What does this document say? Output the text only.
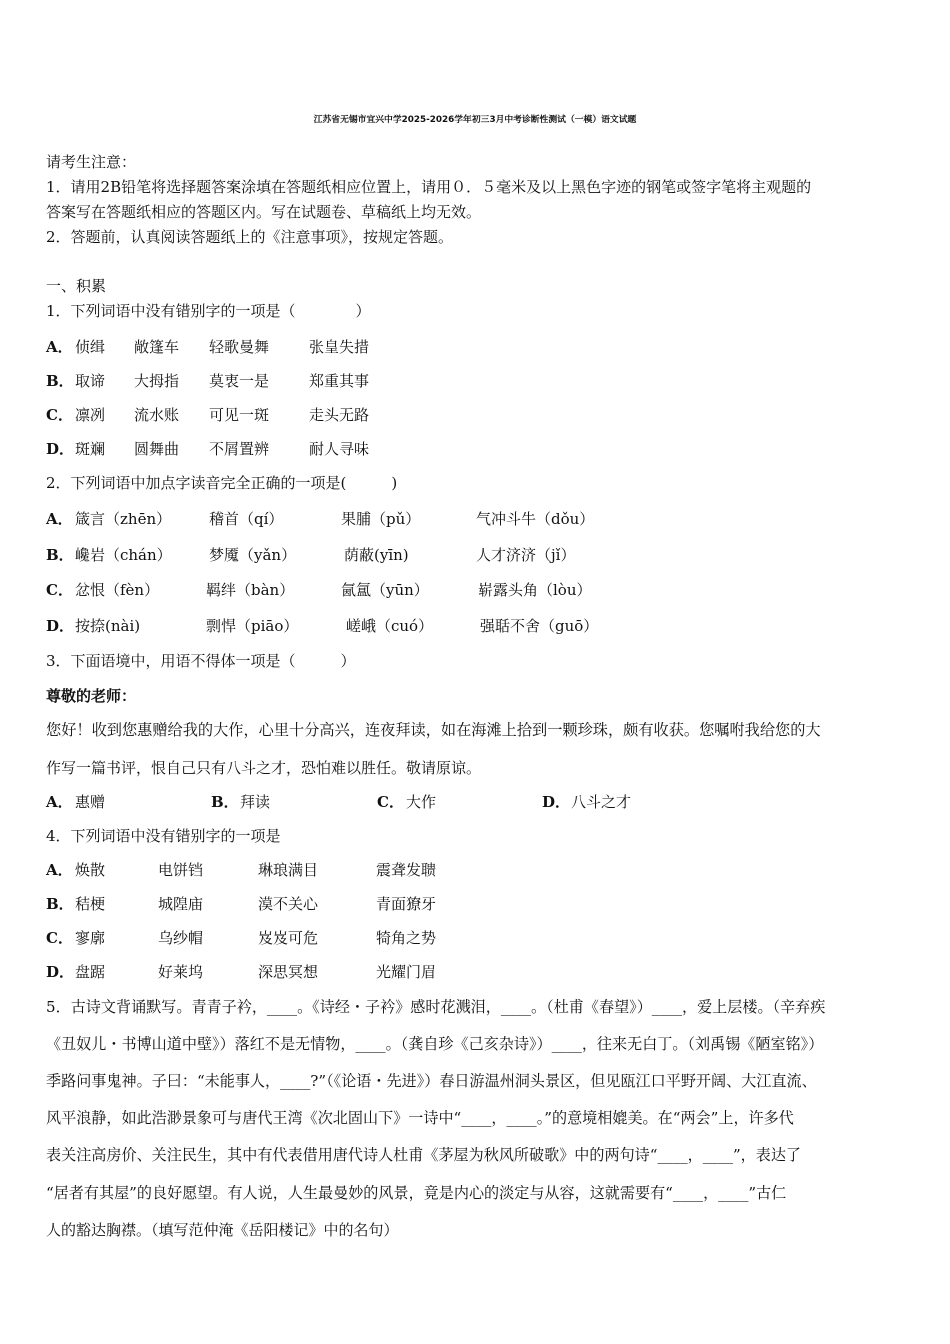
江苏省无锡市宜兴中学2025-2026学年初三3月中考诊断性测试（一模）语文试题
请考生注意：
1．请用2B铅笔将选择题答案涂填在答题纸相应位置上，请用０．５毫米及以上黑色字迹的钢笔或签字笔将主观题的
答案写在答题纸相应的答题区内。写在试题卷、草稿纸上均无效。
2．答题前，认真阅读答题纸上的《注意事项》，按规定答题。
一、积累
1．下列词语中没有错别字的一项是（　　　　）
A． 侦缉 敞篷车 轻歌曼舞	张皇失措
B． 取谛 大拇指 莫衷一是	郑重其事
C． 凛冽 流水账 可见一斑	走头无路
D． 斑斓 圆舞曲 不屑置辨	耐人寻味
2．下列词语中加点字读音完全正确的一项是(　　　)
A． 箴言（zhēn）	稽首（qí）	果脯（pǔ）	气冲斗牛（dǒu）
B． 巉岩（chán） 梦魇（yǎn）	荫蔽(yīn)	人才济济（jǐ）
C． 忿恨（fèn）	羁绊（bàn）	氤氲（yūn）	崭露头角（lòu）
D． 按捺(nài)	剽悍（piāo）	嵯峨（cuó）	强聒不舍（guō）
3．下面语境中，用语不得体一项是（　　　）
尊敬的老师：
您好！收到您惠赠给我的大作，心里十分高兴，连夜拜读，如在海滩上拾到一颗珍珠，颇有收获。您嘱咐我给您的大
作写一篇书评，恨自己只有八斗之才，恐怕难以胜任。敬请原谅。
A． 惠赠	B． 拜读	C． 大作	D． 八斗之才
4．下列词语中没有错别字的一项是
A． 焕散	电饼铛	琳琅满目	震聋发聩
B． 秸梗	城隍庙	漠不关心	青面獠牙
C． 寥廓	乌纱帽	岌岌可危	犄角之势
D． 盘踞	好莱坞	深思冥想	光耀门眉
5．古诗文背诵默写。青青子衿，____。《诗经・子衿》感时花溅泪，____。（杜甫《春望》）____，爱上层楼。（辛弃疾
《丑奴儿・书博山道中壁》）落红不是无情物，____。（龚自珍《己亥杂诗》）____，往来无白丁。（刘禹锡《陋室铭》）
季路问事鬼神。子曰：“未能事人，____?”（《论语・先进》）春日游温州洞头景区，但见瓯江口平野开阔、大江直流、
风平浪静，如此浩渺景象可与唐代王湾《次北固山下》一诗中“____，____。”的意境相媲美。在“两会”上，许多代
表关注高房价、关注民生，其中有代表借用唐代诗人杜甫《茅屋为秋风所破歌》中的两句诗“____，____”，表达了
“居者有其屋”的良好愿望。有人说，人生最曼妙的风景，竟是内心的淡定与从容，这就需要有“____，____”古仁
人的豁达胸襟。（填写范仲淹《岳阳楼记》中的名句）
